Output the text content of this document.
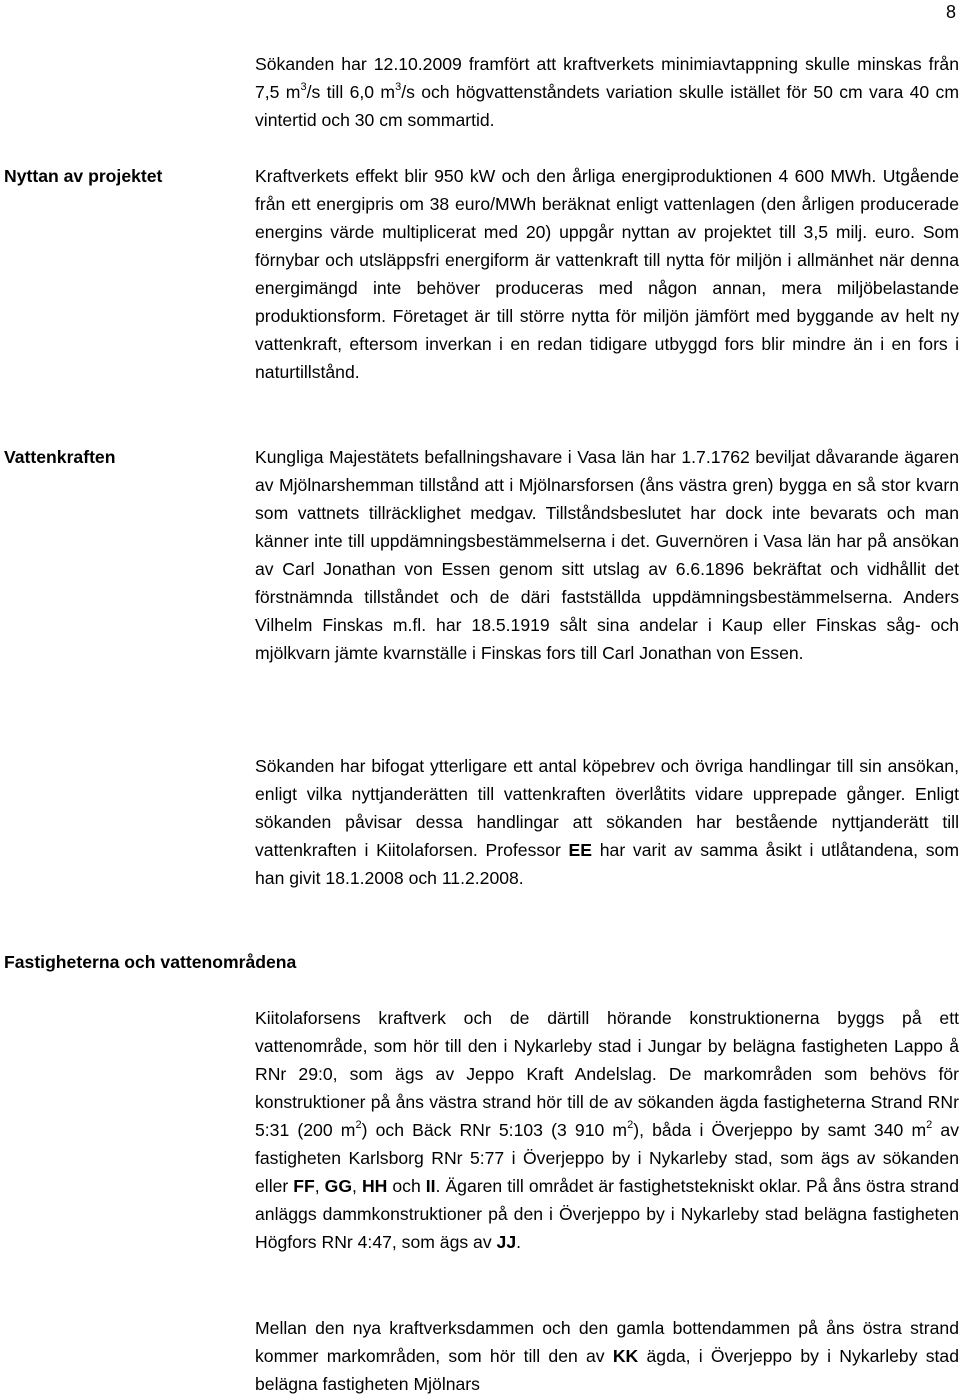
8

Sökanden har 12.10.2009 framfört att kraftverkets minimiavtappning skulle minskas från 7,5 $m^3/s$ till 6,0 $m^3/s$ och högvattenståndets variation skulle istället för 50 cm vara 40 cm vintertid och 30 cm sommartid.

Nyttan av projektet	Kraftverkets effekt blir 950 kW och den årliga energiproduktionen 4 600 MWh. Utgående från ett energipris om 38 euro/MWh beräknat enligt vattenlagen (den årligen producerade energins värde multiplicerat med 20) uppgår nyttan av projektet till 3,5 milj. euro. Som förnybar och utsläppsfri energiform är vattenkraft till nytta för miljön i allmänhet när denna energimängd inte behöver produceras med någon annan, mera miljöbelastande produktionsform. Företaget är till större nytta för miljön jämfört med byggande av helt ny vattenkraft, eftersom inverkan i en redan tidigare utbyggd fors blir mindre än i en fors i naturtillstånd.

Vattenkraften	Kungliga Majestätets befallningshavare i Vasa län har 1.7.1762 beviljat dåvarande ägaren av Mjölnarshemman tillstånd att i Mjölnarsforsen (åns västra gren) bygga en så stor kvarn som vattnets tillräcklighet medgav. Tillståndsbeslutet har dock inte bevarats och man känner inte till uppdämningsbestämmelserna i det. Guvernören i Vasa län har på ansökan av Carl Jonathan von Essen genom sitt utslag av 6.6.1896 bekräftat och vidhållit det förstnämnda tillståndet och de däri fastställda uppdämningsbestämmelserna. Anders Vilhelm Finskas m.fl. har 18.5.1919 sålt sina andelar i Kaup eller Finskas såg- och mjölkvarn jämte kvarnställe i Finskas fors till Carl Jonathan von Essen.

Sökanden har bifogat ytterligare ett antal köpebrev och övriga handlingar till sin ansökan, enligt vilka nyttjanderätten till vattenkraften överlåtits vidare upprepade gånger. Enligt sökanden påvisar dessa handlingar att sökanden har bestående nyttjanderätt till vattenkraften i Kiitolaforsen. Professor EE har varit av samma åsikt i utlåtandena, som han givit 18.1.2008 och 11.2.2008.

Fastigheterna och vattenområdena

Kiitolaforsens kraftverk och de därtill hörande konstruktionerna byggs på ett vattenområde, som hör till den i Nykarleby stad i Jungar by belägna fastigheten Lappo å RNr 29:0, som ägs av Jeppo Kraft Andelslag. De markområden som behövs för konstruktioner på åns västra strand hör till de av sökanden ägda fastigheterna Strand RNr 5:31 (200 $m^2$) och Bäck RNr 5:103 (3 910 $m^2$), båda i Överjeppo by samt 340 $m^2$ av fastigheten Karlsborg RNr 5:77 i Överjeppo by i Nykarleby stad, som ägs av sökanden eller FF, GG, HH och II. Ägaren till området är fastighetstekniskt oklar. På åns östra strand anläggs dammkonstruktioner på den i Överjeppo by i Nykarleby stad belägna fastigheten Högfors RNr 4:47, som ägs av JJ.

Mellan den nya kraftverksdammen och den gamla bottendammen på åns östra strand kommer markområden, som hör till den av KK ägda, i Överjeppo by i Nykarleby stad belägna fastigheten Mjölnars
